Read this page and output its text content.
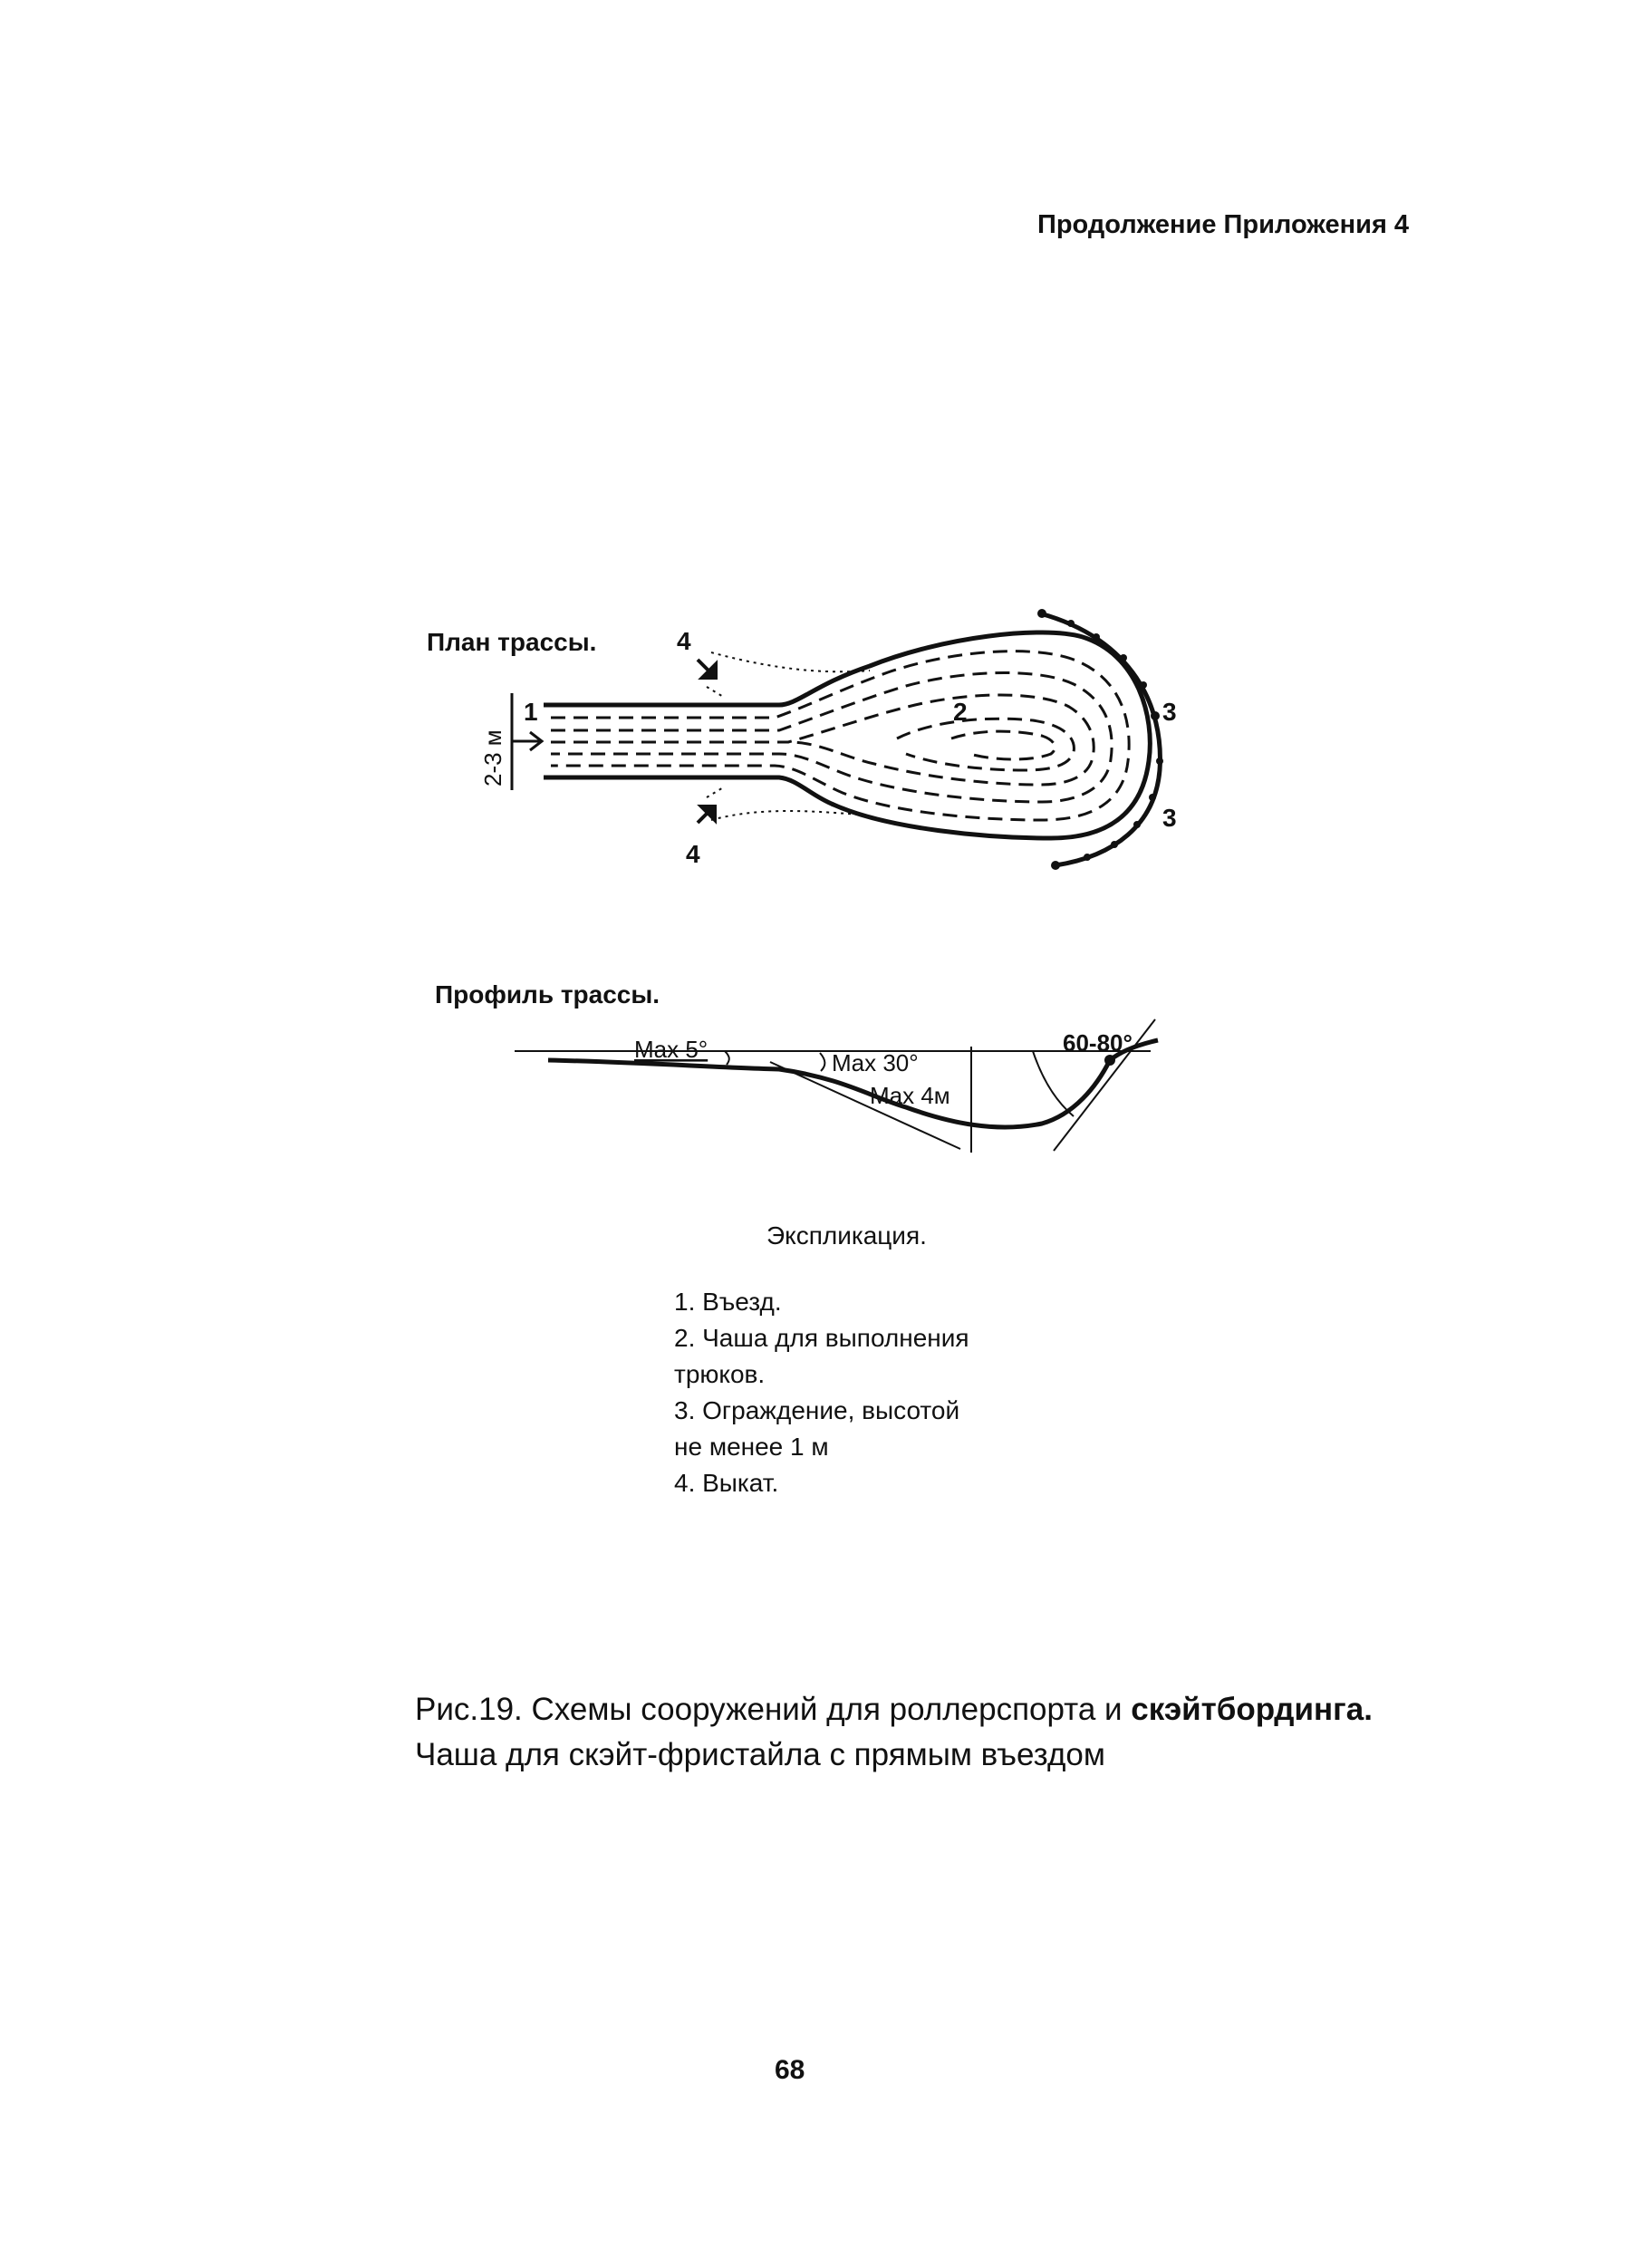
Продолжение Приложения 4
План трассы.
Профиль трассы.
1	2	3
3
4
4
2-3 м
Max 5°	Max 30°
Max 4м
60-80°
Экспликация.
1. Въезд.
2. Чаша для выполнения
трюков.
3. Ограждение, высотой
не менее 1 м
4. Выкат.
Рис.19. Схемы сооружений для роллерспорта и скэйтбординга.
Чаша для скэйт-фристайла с прямым въездом
68
